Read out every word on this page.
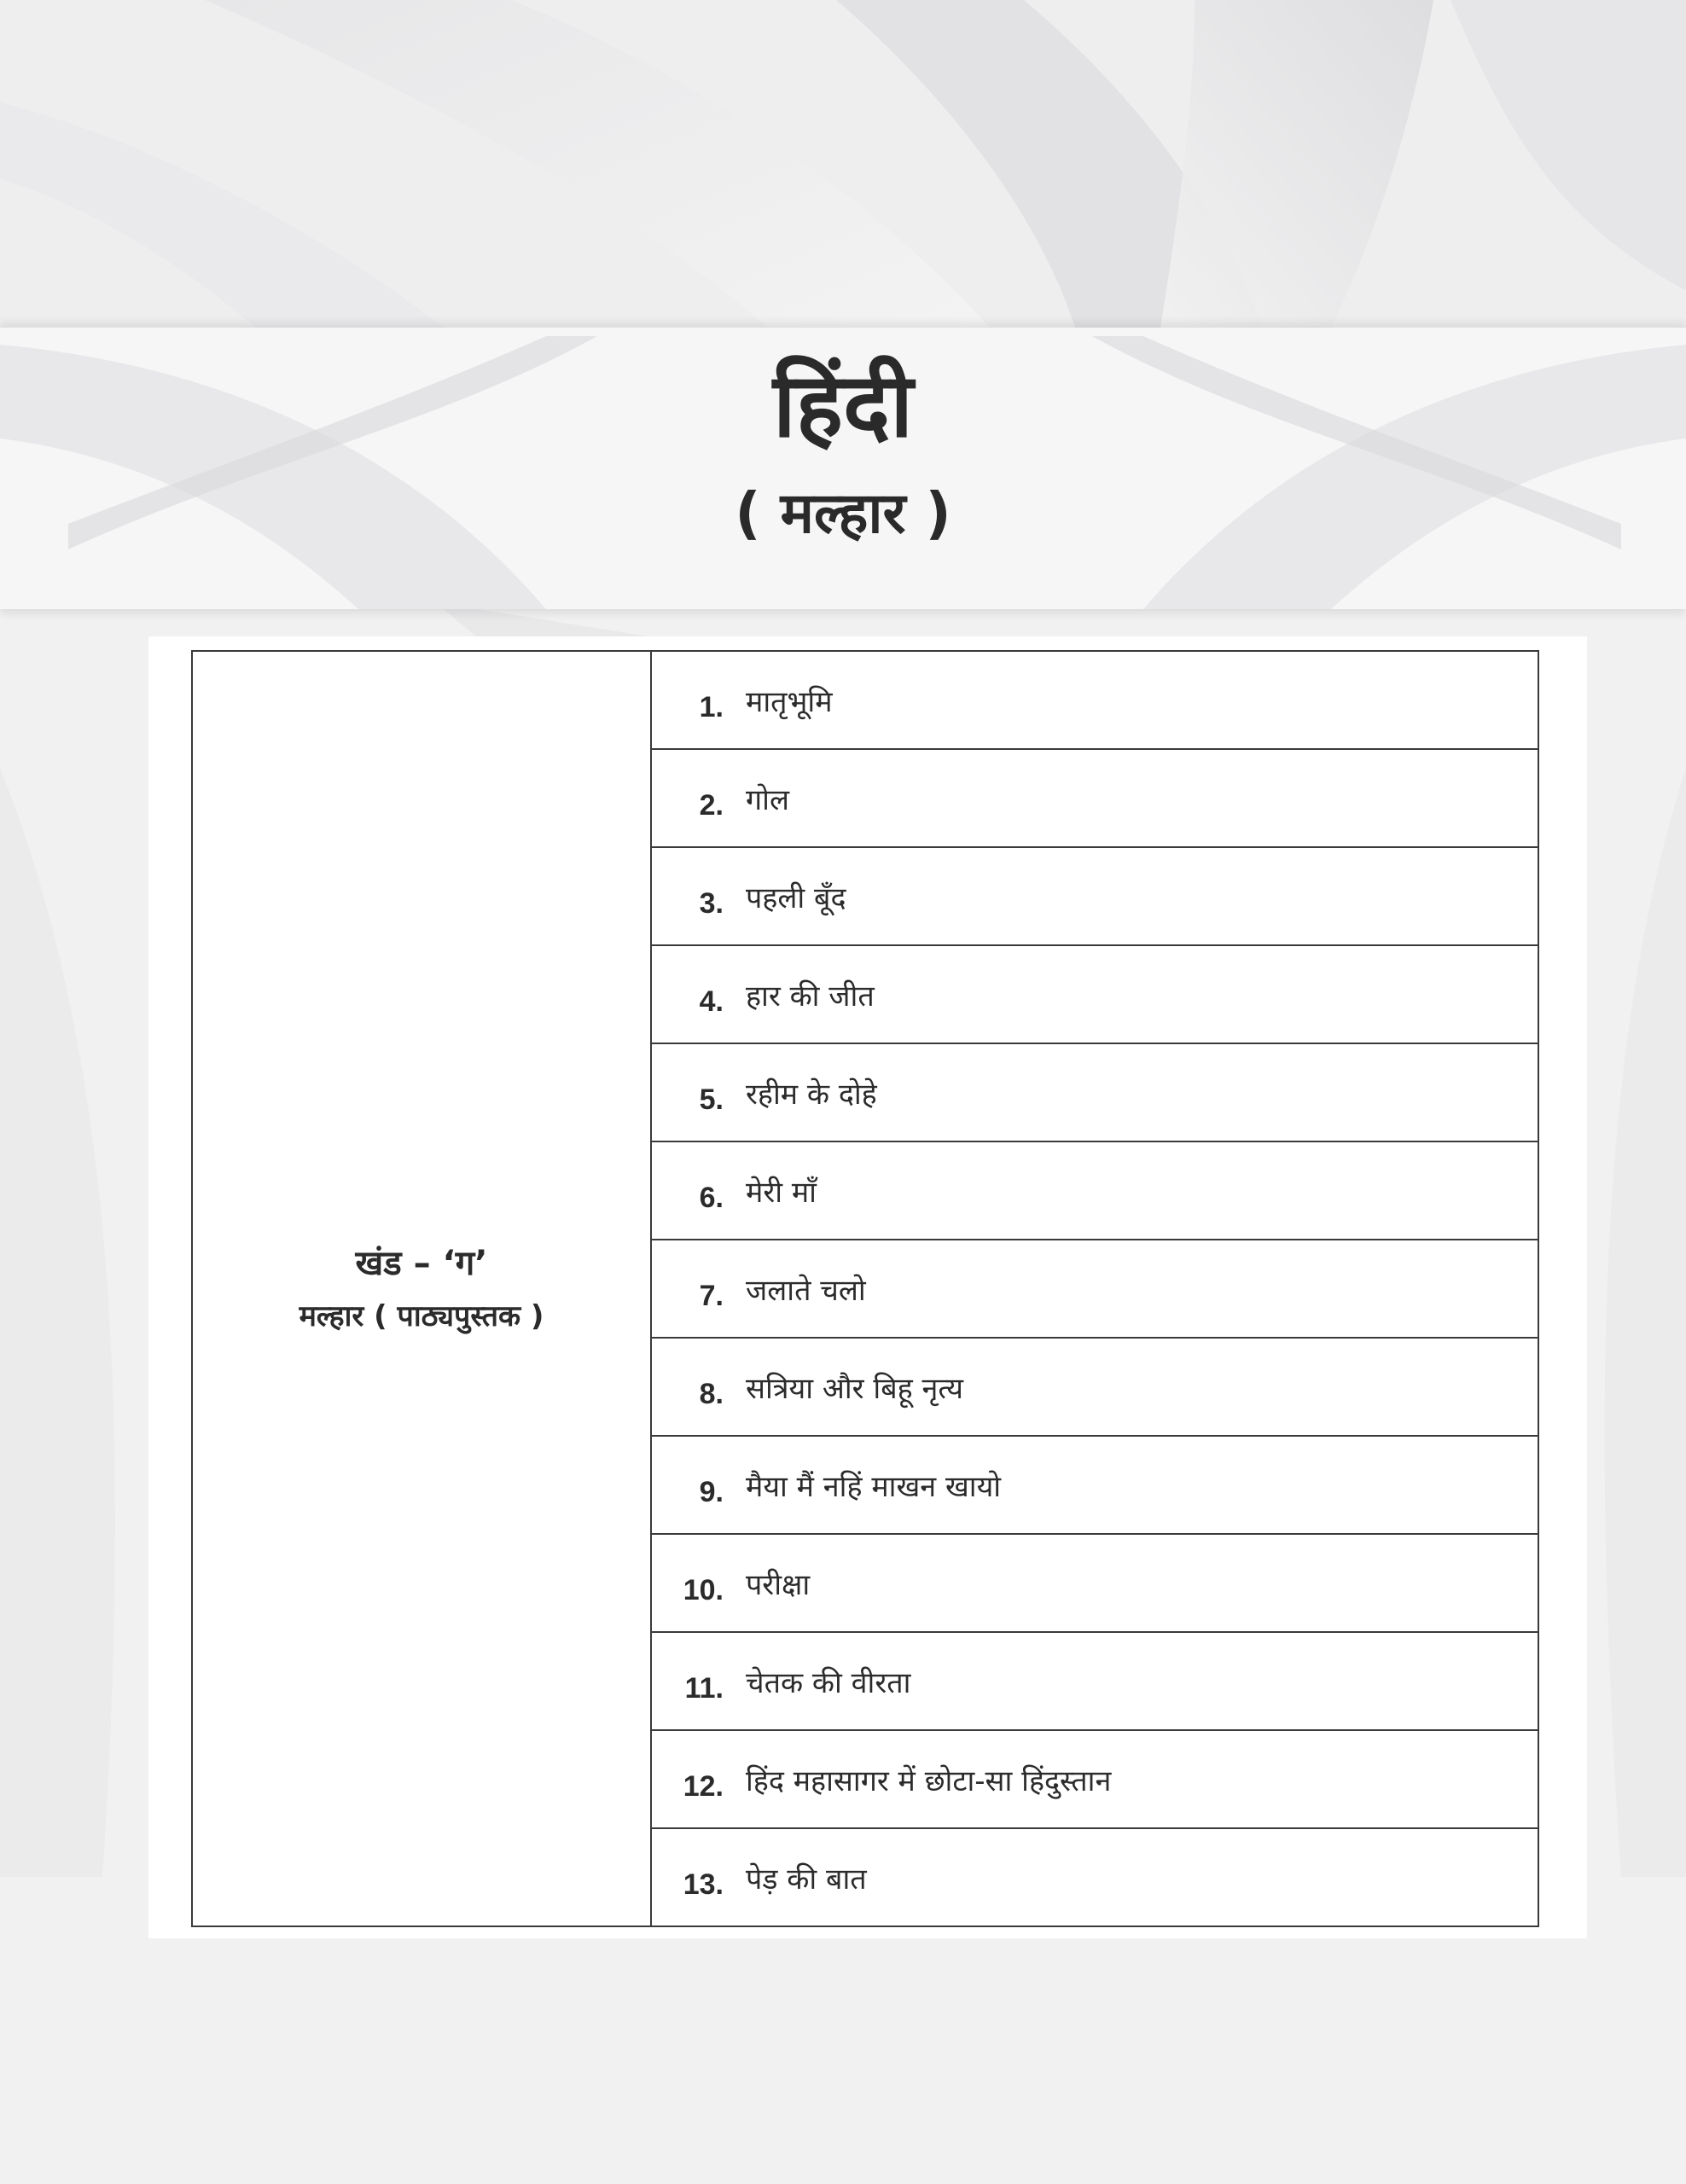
हिंदी
( मल्हार )
खंड – ‘ग’
मल्हार ( पाठ्यपुस्तक )
	1. मातृभूमि
2. गोल
3. पहली बूँद
4. हार की जीत
5. रहीम के दोहे
6. मेरी माँ
7. जलाते चलो
8. सत्रिया और बिहू नृत्य
9. मैया मैं नहिं माखन खायो
10. परीक्षा
11. चेतक की वीरता
12. हिंद महासागर में छोटा-सा हिंदुस्तान
13. पेड़ की बात
